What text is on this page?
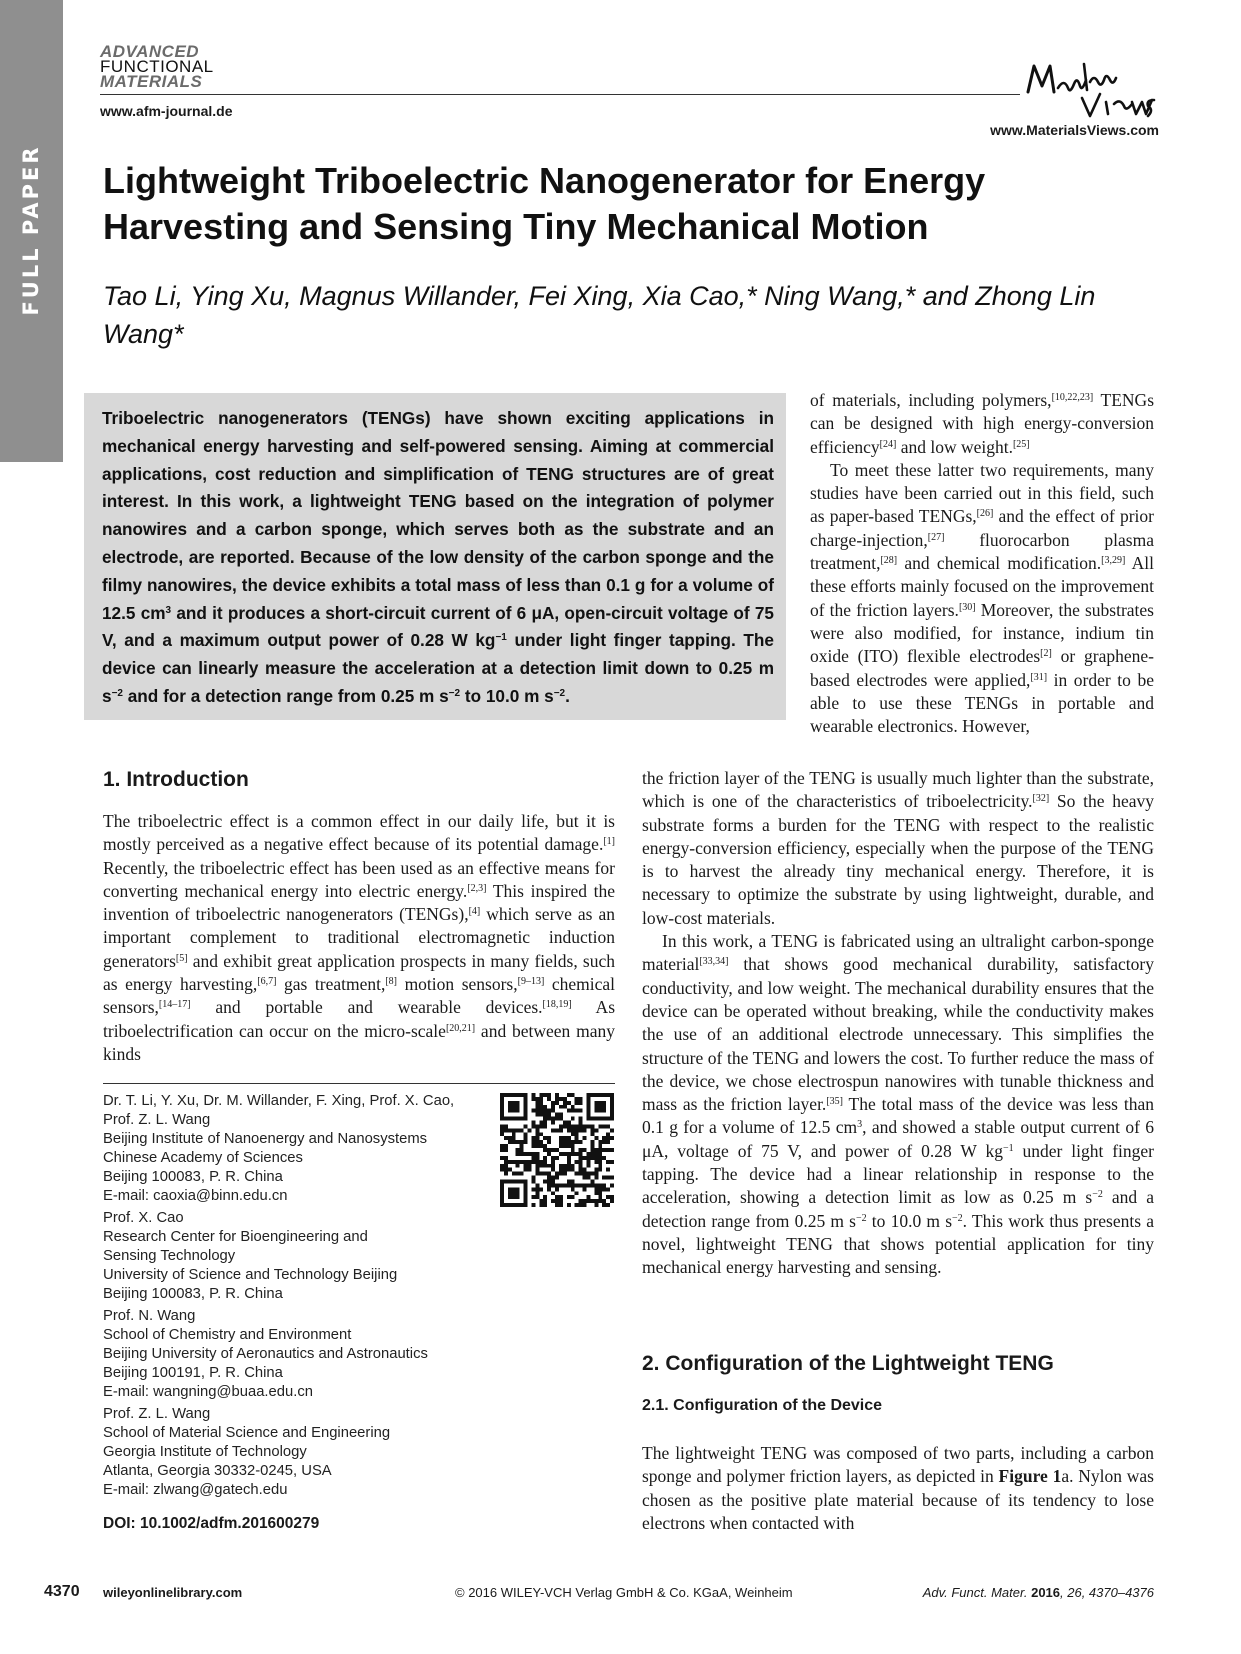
FULL PAPER
ADVANCED
FUNCTIONAL
MATERIALS
www.afm-journal.de
www.MaterialsViews.com
Lightweight Triboelectric Nanogenerator for Energy Harvesting and Sensing Tiny Mechanical Motion

Tao Li, Ying Xu, Magnus Willander, Fei Xing, Xia Cao,* Ning Wang,* and Zhong Lin Wang*

Triboelectric nanogenerators (TENGs) have shown exciting applications in mechanical energy harvesting and self-powered sensing. Aiming at commercial applications, cost reduction and simplification of TENG structures are of great interest. In this work, a lightweight TENG based on the integration of polymer nanowires and a carbon sponge, which serves both as the substrate and an electrode, are reported. Because of the low density of the carbon sponge and the filmy nanowires, the device exhibits a total mass of less than 0.1 g for a volume of 12.5 $cm^3$ and it produces a short-circuit current of 6 μA, open-circuit voltage of 75 V, and a maximum output power of 0.28 W $kg^{-1}$ under light finger tapping. The device can linearly measure the acceleration at a detection limit down to 0.25 m $s^{-2}$ and for a detection range from 0.25 m $s^{-2}$ to 10.0 m $s^{-2}$.

of materials, including polymers,[10,22,23] TENGs can be designed with high energy-conversion efficiency[24] and low weight.[25]

To meet these latter two requirements, many studies have been carried out in this field, such as paper-based TENGs,[26] and the effect of prior charge-injection,[27] fluorocarbon plasma treatment,[28] and chemical modification.[3,29] All these efforts mainly focused on the improvement of the friction layers.[30] Moreover, the substrates were also modified, for instance, indium tin oxide (ITO) flexible electrodes[2] or graphene-based electrodes were applied,[31] in order to be able to use these TENGs in portable and wearable electronics. However,

1. Introduction

The triboelectric effect is a common effect in our daily life, but it is mostly perceived as a negative effect because of its potential damage.[1] Recently, the triboelectric effect has been used as an effective means for converting mechanical energy into electric energy.[2,3] This inspired the invention of triboelectric nanogenerators (TENGs),[4] which serve as an important complement to traditional electromagnetic induction generators[5] and exhibit great application prospects in many fields, such as energy harvesting,[6,7] gas treatment,[8] motion sensors,[9–13] chemical sensors,[14–17] and portable and wearable devices.[18,19] As triboelectrification can occur on the micro-scale[20,21] and between many kinds

the friction layer of the TENG is usually much lighter than the substrate, which is one of the characteristics of triboelectricity.[32] So the heavy substrate forms a burden for the TENG with respect to the realistic energy-conversion efficiency, especially when the purpose of the TENG is to harvest the already tiny mechanical energy. Therefore, it is necessary to optimize the substrate by using lightweight, durable, and low-cost materials.

In this work, a TENG is fabricated using an ultralight carbon-sponge material[33,34] that shows good mechanical durability, satisfactory conductivity, and low weight. The mechanical durability ensures that the device can be operated without breaking, while the conductivity makes the use of an additional electrode unnecessary. This simplifies the structure of the TENG and lowers the cost. To further reduce the mass of the device, we chose electrospun nanowires with tunable thickness and mass as the friction layer.[35] The total mass of the device was less than 0.1 g for a volume of 12.5 $cm^3$, and showed a stable output current of 6 μA, voltage of 75 V, and power of 0.28 W $kg^{-1}$ under light finger tapping. The device had a linear relationship in response to the acceleration, showing a detection limit as low as 0.25 m $s^{-2}$ and a detection range from 0.25 m $s^{-2}$ to 10.0 m $s^{-2}$. This work thus presents a novel, lightweight TENG that shows potential application for tiny mechanical energy harvesting and sensing.

Dr. T. Li, Y. Xu, Dr. M. Willander, F. Xing, Prof. X. Cao,
Prof. Z. L. Wang
Beijing Institute of Nanoenergy and Nanosystems
Chinese Academy of Sciences
Beijing 100083, P. R. China
E-mail: caoxia@binn.edu.cn
Prof. X. Cao
Research Center for Bioengineering and
Sensing Technology
University of Science and Technology Beijing
Beijing 100083, P. R. China
Prof. N. Wang
School of Chemistry and Environment
Beijing University of Aeronautics and Astronautics
Beijing 100191, P. R. China
E-mail: wangning@buaa.edu.cn
Prof. Z. L. Wang
School of Material Science and Engineering
Georgia Institute of Technology
Atlanta, Georgia 30332-0245, USA
E-mail: zlwang@gatech.edu
DOI: 10.1002/adfm.201600279
2. Configuration of the Lightweight TENG
2.1. Configuration of the Device

The lightweight TENG was composed of two parts, including a carbon sponge and polymer friction layers, as depicted in Figure 1a. Nylon was chosen as the positive plate material because of its tendency to lose electrons when contacted with

4370 wileyonlinelibrary.com	© 2016 WILEY-VCH Verlag GmbH & Co. KGaA, Weinheim	Adv. Funct. Mater. 2016, 26, 4370–4376
